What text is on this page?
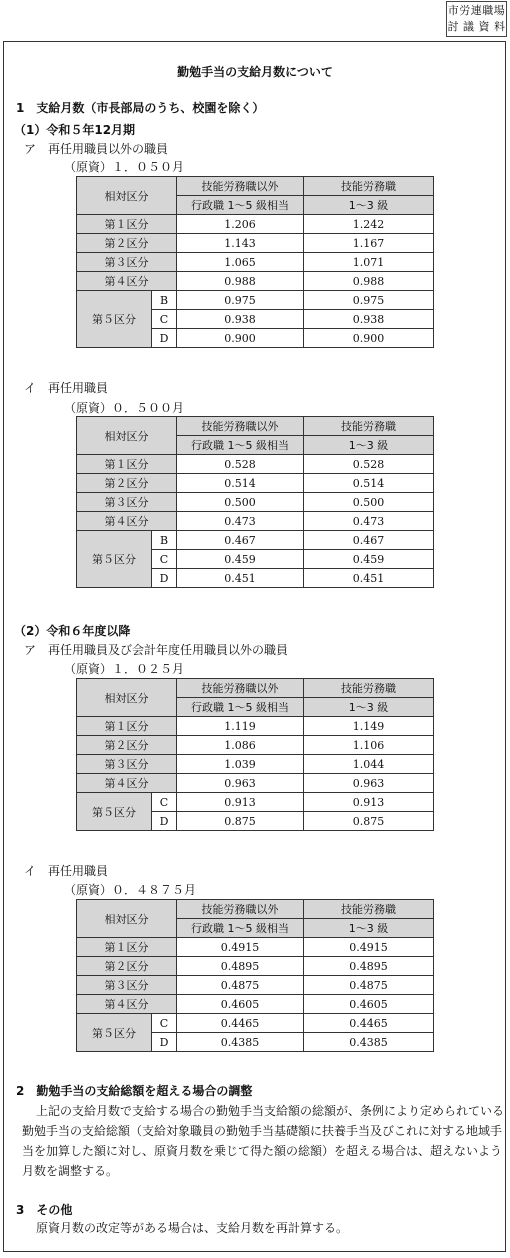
市労連職場
討 議 資 料
勤勉手当の支給月数について
1　支給月数（市長部局のうち、校園を除く）
（1）令和５年12月期
ア　再任用職員以外の職員
（原資）１．０５０月
相対区分		技能労務職以外	技能労務職
		行政職 1〜5 級相当	1〜3 級
第１区分		1.206	1.242
第２区分		1.143	1.167
第３区分		1.065	1.071
第４区分		0.988	0.988
第５区分	B	0.975	0.975
	C	0.938	0.938
	D	0.900	0.900
イ　再任用職員
（原資）０．５００月
相対区分		技能労務職以外	技能労務職
		行政職 1〜5 級相当	1〜3 級
第１区分		0.528	0.528
第２区分		0.514	0.514
第３区分		0.500	0.500
第４区分		0.473	0.473
第５区分	B	0.467	0.467
	C	0.459	0.459
	D	0.451	0.451
（2）令和６年度以降
ア　再任用職員及び会計年度任用職員以外の職員
（原資）１．０２５月
相対区分		技能労務職以外	技能労務職
		行政職 1〜5 級相当	1〜3 級
第１区分		1.119	1.149
第２区分		1.086	1.106
第３区分		1.039	1.044
第４区分		0.963	0.963
第５区分	C	0.913	0.913
	D	0.875	0.875
イ　再任用職員
（原資）０．４８７５月
相対区分		技能労務職以外	技能労務職
		行政職 1〜5 級相当	1〜3 級
第１区分		0.4915	0.4915
第２区分		0.4895	0.4895
第３区分		0.4875	0.4875
第４区分		0.4605	0.4605
第５区分	C	0.4465	0.4465
	D	0.4385	0.4385
2　勤勉手当の支給総額を超える場合の調整
上記の支給月数で支給する場合の勤勉手当支給額の総額が、条例により定められている
勤勉手当の支給総額（支給対象職員の勤勉手当基礎額に扶養手当及びこれに対する地域手
当を加算した額に対し、原資月数を乗じて得た額の総額）を超える場合は、超えないよう
月数を調整する。
3　その他
原資月数の改定等がある場合は、支給月数を再計算する。
